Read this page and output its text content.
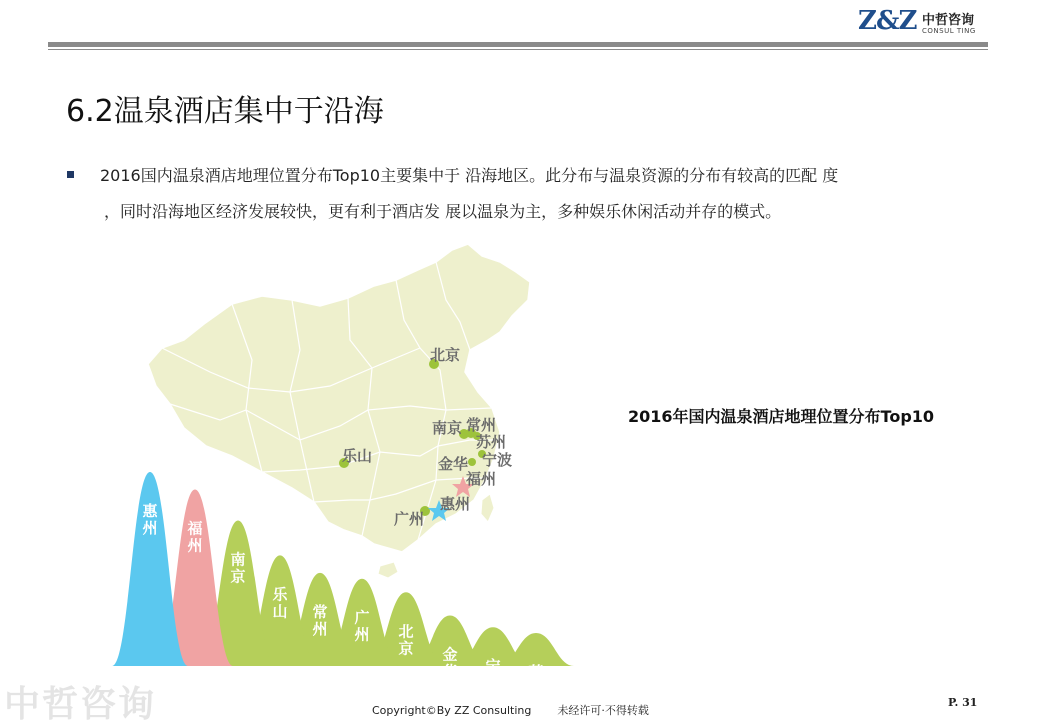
Z&Z 中哲咨询
CONSUL TING
6.2温泉酒店集中于沿海
2016国内温泉酒店地理位置分布Top10主要集中于 沿海地区。此分布与温泉资源的分布有较高的匹配 度
，同时沿海地区经济发展较快，更有利于酒店发 展以温泉为主，多种娱乐休闲活动并存的模式。
北京
南京 常州
苏州
乐山	金华 宁波
福州
惠州
广州
惠
州 福
州
南
京
乐
山 常
州
广
州 北
京 金
华 宁
波
苏
州
2016年国内温泉酒店地理位置分布Top10
中哲咨询	Copyright©By ZZ Consulting 未经许可·不得转载
P. 31
